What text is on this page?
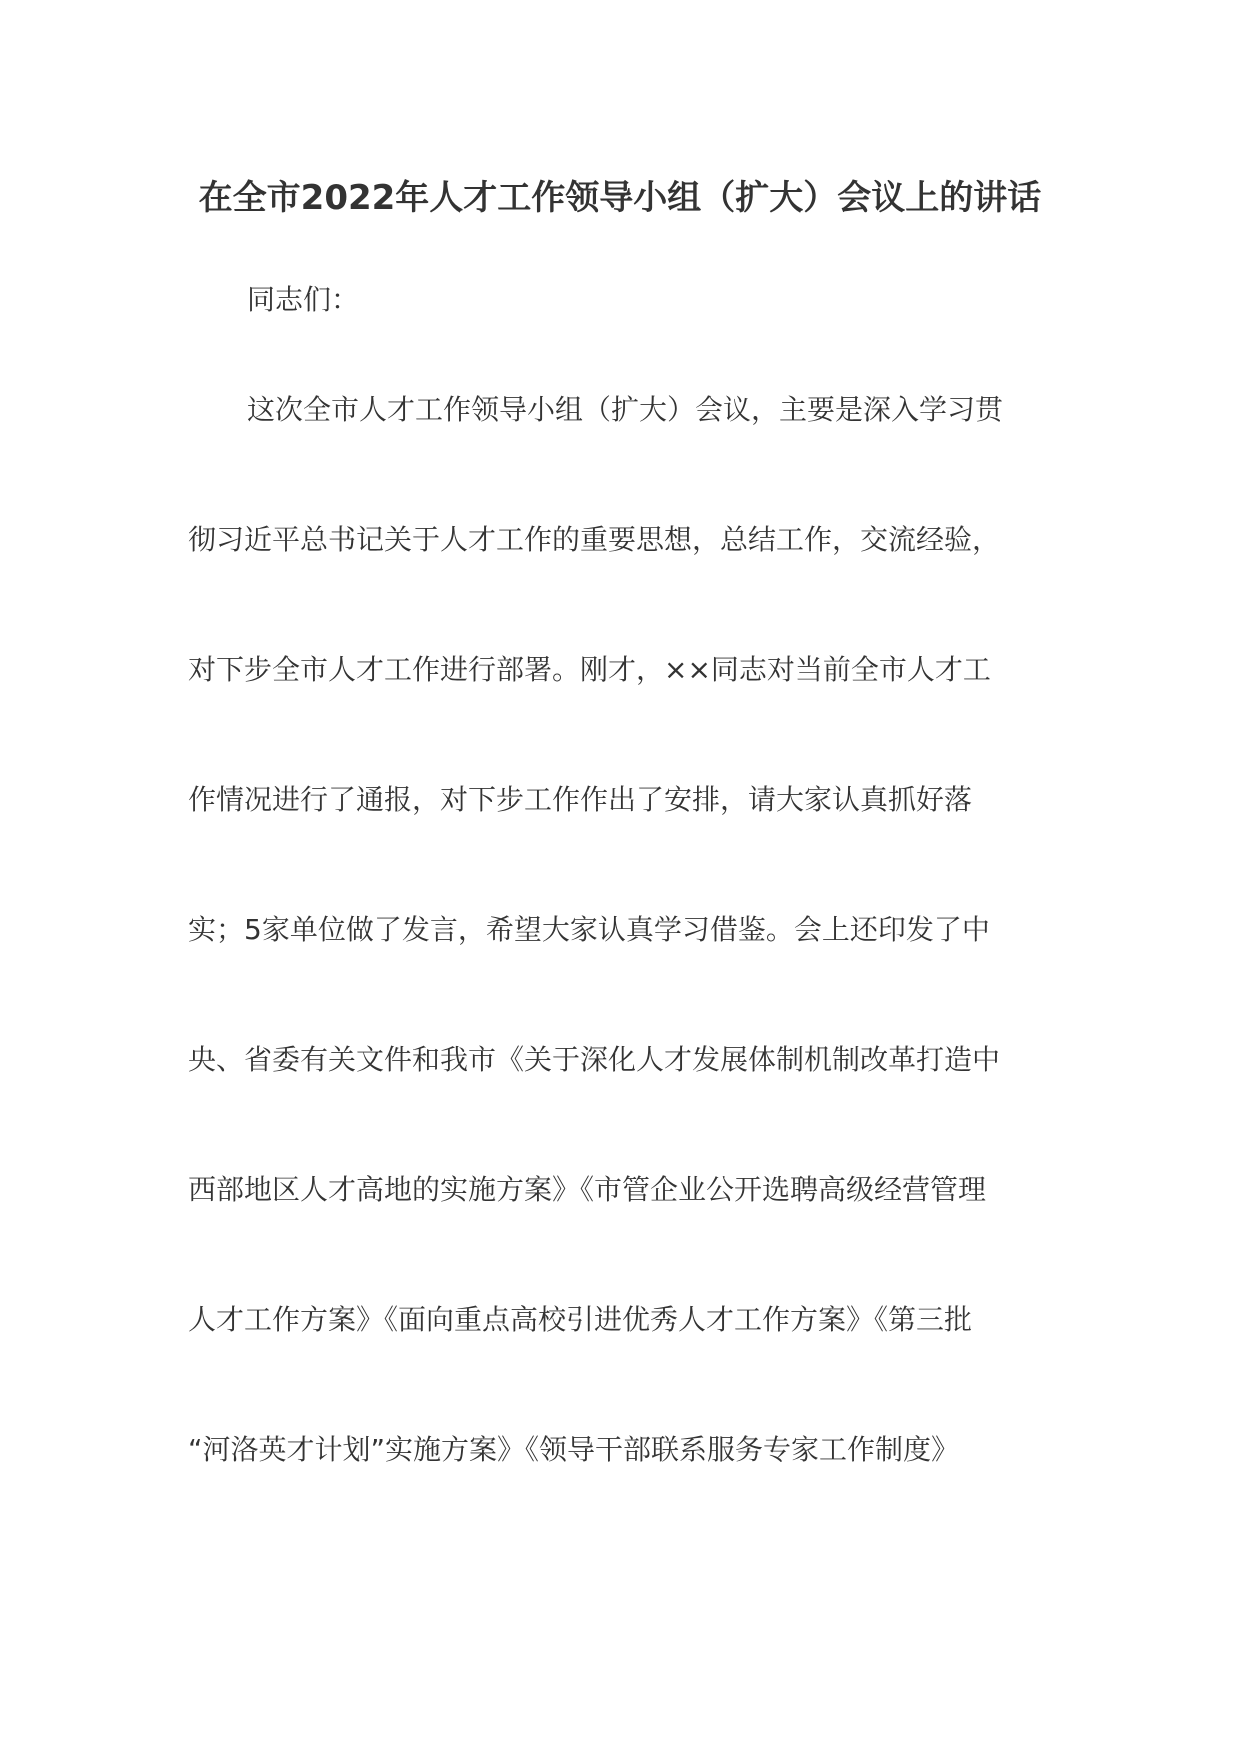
在全市2022年人才工作领导小组（扩大）会议上的讲话
同志们：
这次全市人才工作领导小组（扩大）会议，主要是深入学习贯
彻习近平总书记关于人才工作的重要思想，总结工作，交流经验，
对下步全市人才工作进行部署。刚才，××同志对当前全市人才工
作情况进行了通报，对下步工作作出了安排，请大家认真抓好落
实；5家单位做了发言，希望大家认真学习借鉴。会上还印发了中
央、省委有关文件和我市《关于深化人才发展体制机制改革打造中
西部地区人才高地的实施方案》《市管企业公开选聘高级经营管理
人才工作方案》《面向重点高校引进优秀人才工作方案》《第三批
“河洛英才计划”实施方案》《领导干部联系服务专家工作制度》
